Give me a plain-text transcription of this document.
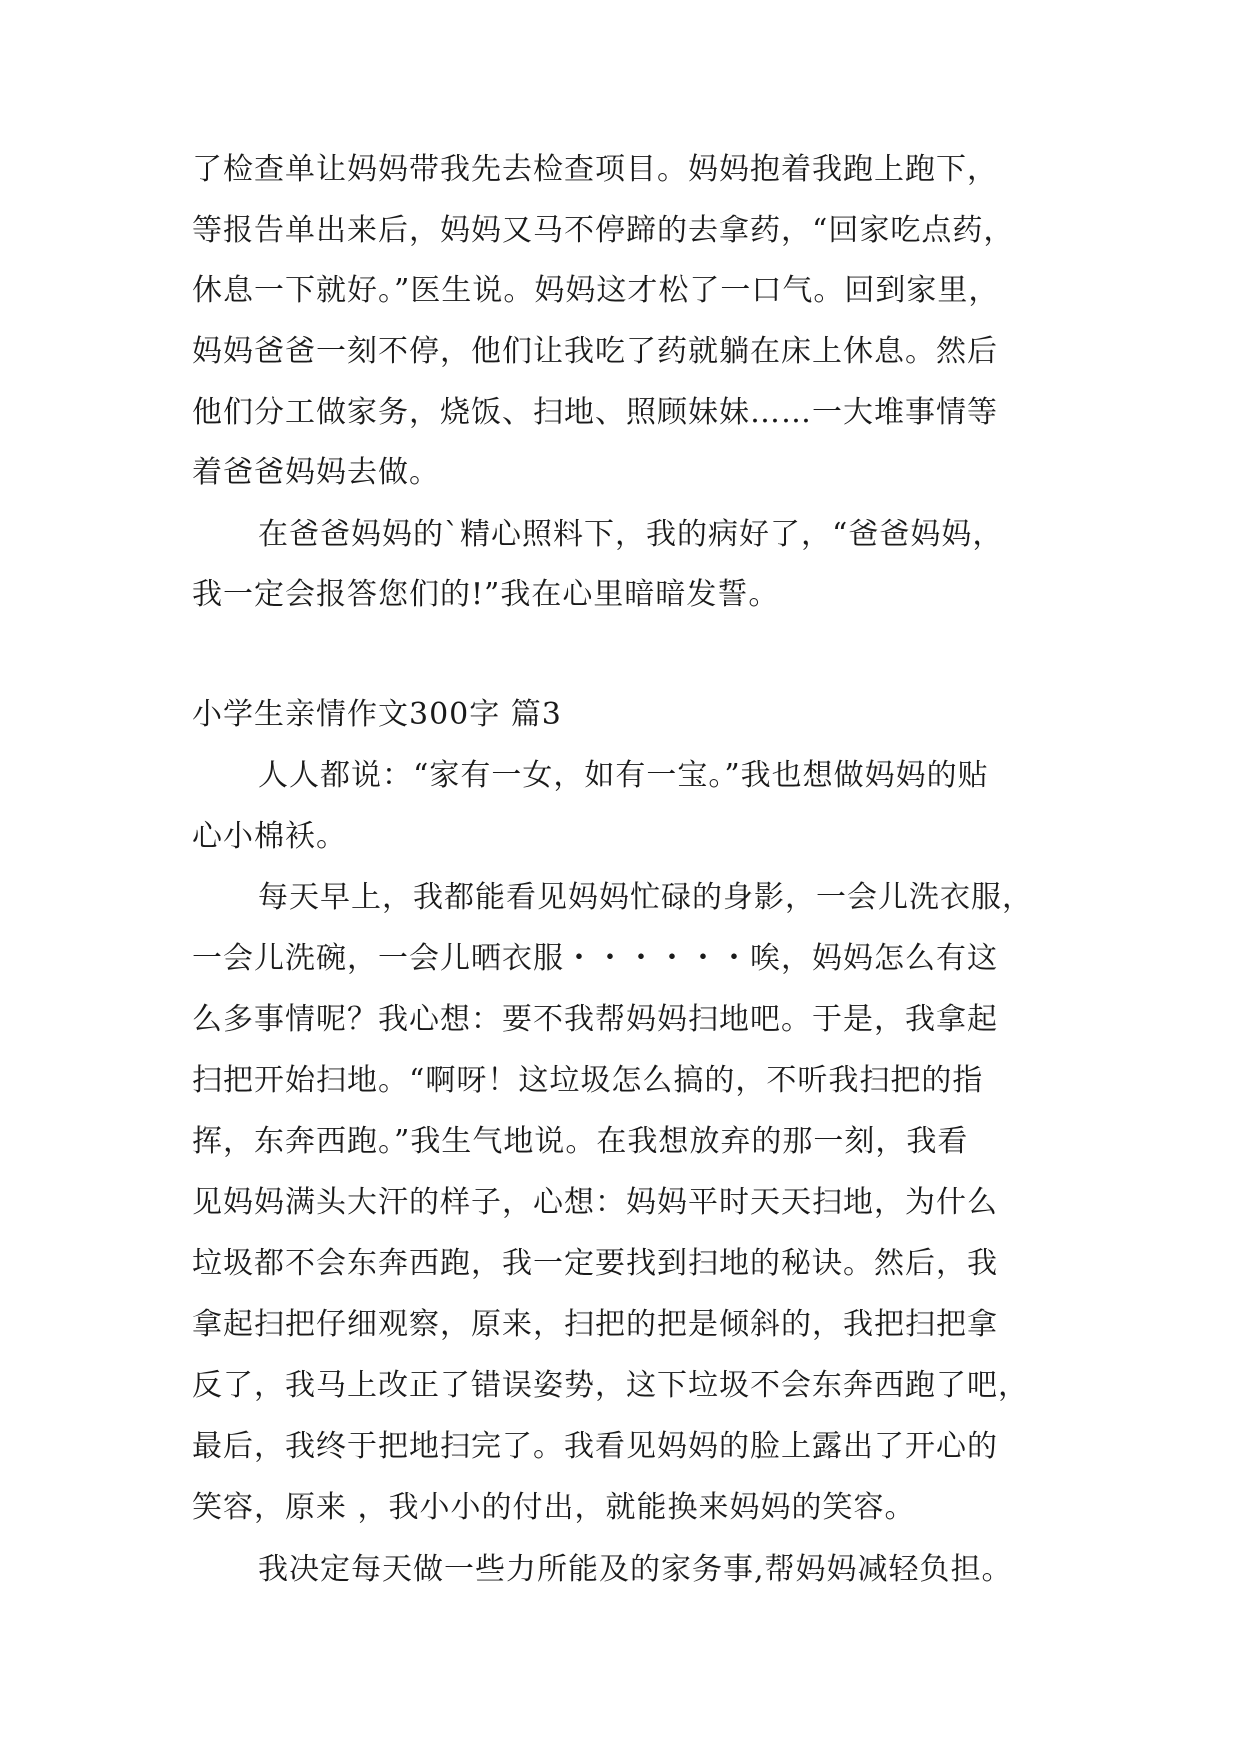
了检查单让妈妈带我先去检查项目。妈妈抱着我跑上跑下，
等报告单出来后，妈妈又马不停蹄的去拿药，“回家吃点药，
休息一下就好。”医生说。妈妈这才松了一口气。回到家里，
妈妈爸爸一刻不停，他们让我吃了药就躺在床上休息。然后
他们分工做家务，烧饭、扫地、照顾妹妹……一大堆事情等
着爸爸妈妈去做。
在爸爸妈妈的`精心照料下，我的病好了，“爸爸妈妈，
我一定会报答您们的!”我在心里暗暗发誓。
小学生亲情作文300字 篇3
人人都说：“家有一女，如有一宝。”我也想做妈妈的贴
心小棉袄。
每天早上，我都能看见妈妈忙碌的身影，一会儿洗衣服，
一会儿洗碗，一会儿晒衣服・・・・・・唉，妈妈怎么有这
么多事情呢？我心想：要不我帮妈妈扫地吧。于是，我拿起
扫把开始扫地。“啊呀！这垃圾怎么搞的，不听我扫把的指
挥，东奔西跑。”我生气地说。在我想放弃的那一刻，我看
见妈妈满头大汗的样子，心想：妈妈平时天天扫地，为什么
垃圾都不会东奔西跑，我一定要找到扫地的秘诀。然后，我
拿起扫把仔细观察，原来，扫把的把是倾斜的，我把扫把拿
反了，我马上改正了错误姿势，这下垃圾不会东奔西跑了吧，
最后，我终于把地扫完了。我看见妈妈的脸上露出了开心的
笑容，原来 ，我小小的付出，就能换来妈妈的笑容。
我决定每天做一些力所能及的家务事,帮妈妈减轻负担。
